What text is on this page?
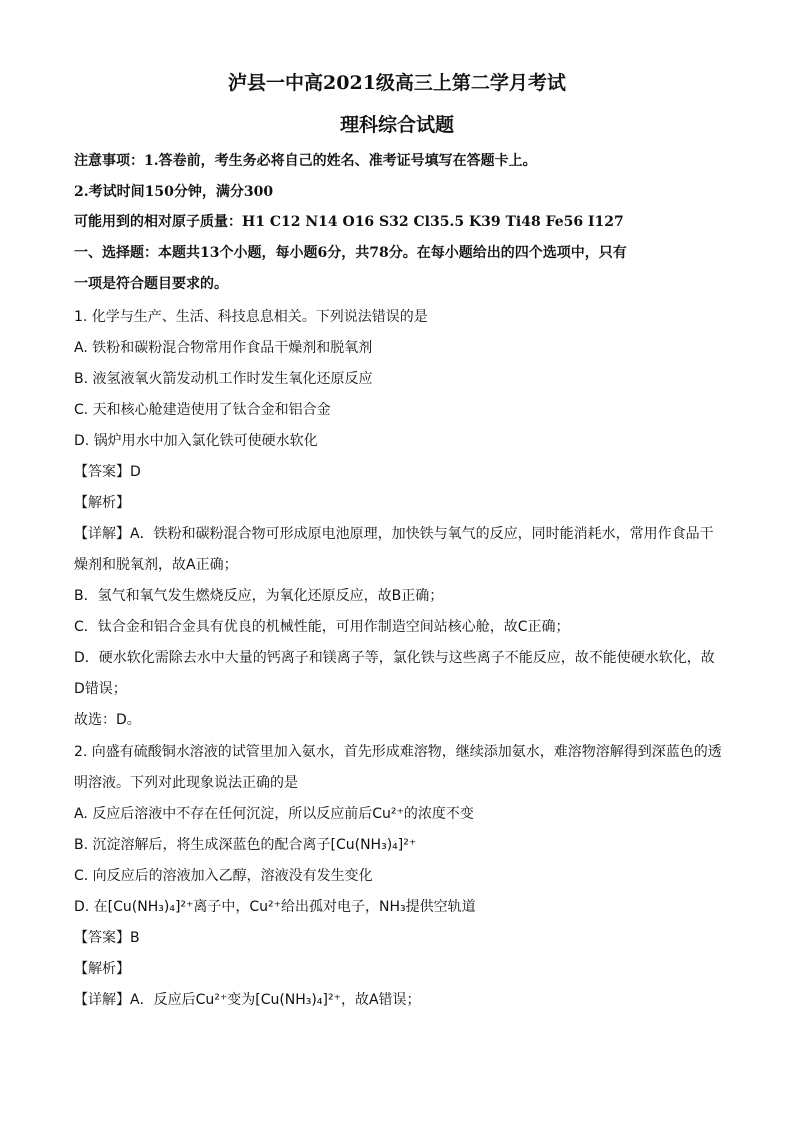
泸县一中高2021级高三上第二学月考试
理科综合试题
注意事项：1.答卷前，考生务必将自己的姓名、准考证号填写在答题卡上。
2.考试时间150分钟，满分300
可能用到的相对原子质量：H1 C12 N14 O16 S32 Cl35.5 K39 Ti48 Fe56 I127
一、选择题：本题共13个小题，每小题6分，共78分。在每小题给出的四个选项中，只有
一项是符合题目要求的。
1. 化学与生产、生活、科技息息相关。下列说法错误的是
A. 铁粉和碳粉混合物常用作食品干燥剂和脱氧剂
B. 液氢液氧火箭发动机工作时发生氧化还原反应
C. 天和核心舱建造使用了钛合金和铝合金
D. 锅炉用水中加入氯化铁可使硬水软化
【答案】D
【解析】
【详解】A．铁粉和碳粉混合物可形成原电池原理，加快铁与氧气的反应，同时能消耗水，常用作食品干
燥剂和脱氧剂，故A正确；
B．氢气和氧气发生燃烧反应，为氧化还原反应，故B正确；
C．钛合金和铝合金具有优良的机械性能，可用作制造空间站核心舱，故C正确；
D．硬水软化需除去水中大量的钙离子和镁离子等，氯化铁与这些离子不能反应，故不能使硬水软化，故
D错误；
故选：D。
2. 向盛有硫酸铜水溶液的试管里加入氨水，首先形成难溶物，继续添加氨水，难溶物溶解得到深蓝色的透
明溶液。下列对此现象说法正确的是
A. 反应后溶液中不存在任何沉淀，所以反应前后Cu²⁺的浓度不变
B. 沉淀溶解后，将生成深蓝色的配合离子[Cu(NH₃)₄]²⁺
C. 向反应后的溶液加入乙醇，溶液没有发生变化
D. 在[Cu(NH₃)₄]²⁺离子中，Cu²⁺给出孤对电子，NH₃提供空轨道
【答案】B
【解析】
【详解】A．反应后Cu²⁺变为[Cu(NH₃)₄]²⁺，故A错误；
